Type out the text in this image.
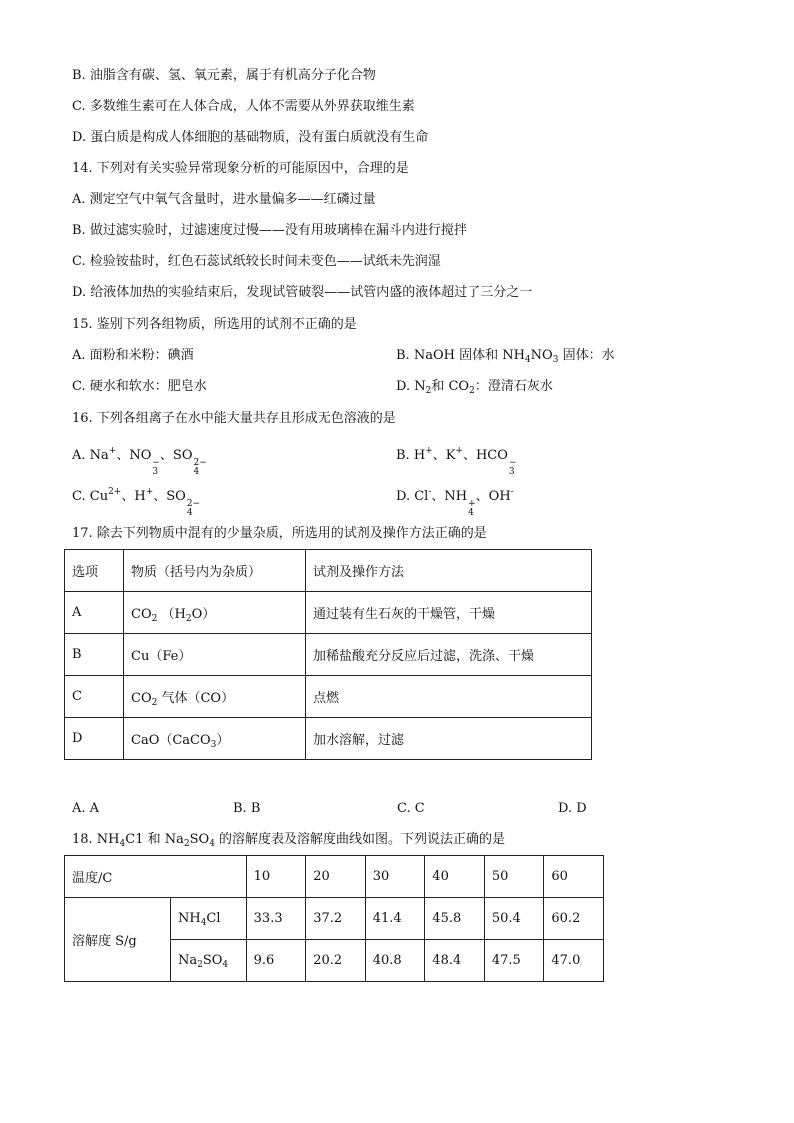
B. 油脂含有碳、氢、氧元素，属于有机高分子化合物
C. 多数维生素可在人体合成，人体不需要从外界获取维生素
D. 蛋白质是构成人体细胞的基础物质，没有蛋白质就没有生命
14. 下列对有关实验异常现象分析的可能原因中，合理的是
A. 测定空气中氧气含量时，进水量偏多——红磷过量
B. 做过滤实验时，过滤速度过慢——没有用玻璃棒在漏斗内进行搅拌
C. 检验铵盐时，红色石蕊试纸较长时间未变色——试纸未先润湿
D. 给液体加热的实验结束后，发现试管破裂——试管内盛的液体超过了三分之一
15. 鉴别下列各组物质，所选用的试剂不正确的是
A. 面粉和米粉：碘酒	B. NaOH 固体和 $NH_4NO_3$ 固体：水
C. 硬水和软水：肥皂水	D. $N_2$和 $CO_2$：澄清石灰水
16. 下列各组离子在水中能大量共存且形成无色溶液的是
A. Na+、NO −
3
、SO 2−
4
B. H+、K+、HCO −
3
C. $Cu^{2+}$、H+、SO 2−
4
D. Cl-、NH +
4
、OH-
17. 除去下列物质中混有的少量杂质，所选用的试剂及操作方法正确的是
选项	物质（括号内为杂质）	试剂及操作方法
A	$CO_2$ $(H_2O)$	通过装有生石灰的干燥管，干燥
B	Cu（Fe）	加稀盐酸充分反应后过滤，洗涤、干燥
C	$CO_2$ 气体（CO）	点燃
D	CaO（CaCO$_3$）	加水溶解，过滤
A. A	B. B	C. C	D. D
18. $NH_4C1$ 和 $Na_2SO_4$ 的溶解度表及溶解度曲线如图。下列说法正确的是
温度/C		10	20	30	40	50	60
溶解度 S/g	$NH_4Cl$	33.3	37.2	41.4	45.8	50.4	60.2
	$Na_2SO_4$	9.6	20.2	40.8	48.4	47.5	47.0
